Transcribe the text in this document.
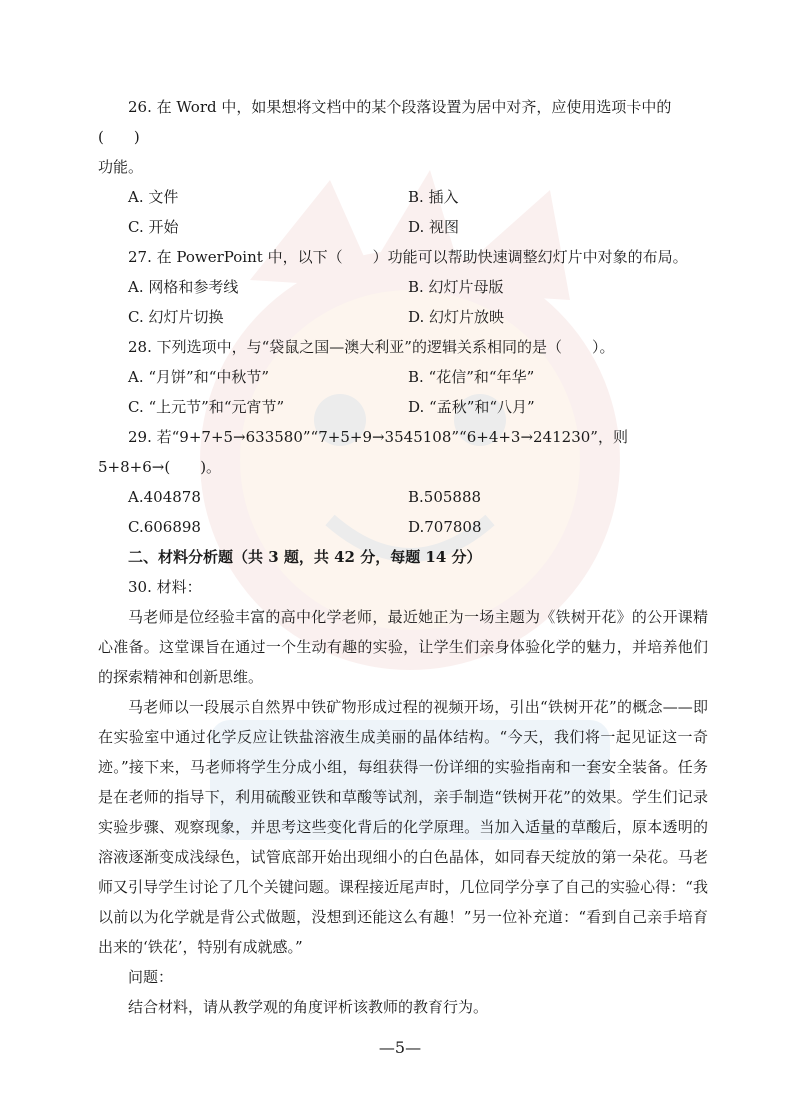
26. 在 Word 中，如果想将文档中的某个段落设置为居中对齐，应使用选项卡中的(　　)

功能。

A. 文件	B. 插入
C. 开始	D. 视图

27. 在 PowerPoint 中，以下（　　）功能可以帮助快速调整幻灯片中对象的布局。

A. 网格和参考线	B. 幻灯片母版
C. 幻灯片切换	D. 幻灯片放映

28. 下列选项中，与“袋鼠之国—澳大利亚”的逻辑关系相同的是（　　）。

A. “月饼”和“中秋节”	B. “花信”和“年华”
C. “上元节”和“元宵节”	D. “孟秋”和“八月”

29. 若“9+7+5→633580”“7+5+9→3545108”“6+4+3→241230”，则 5+8+6→(　　)。

A.404878	B.505888
C.606898	D.707808

二、材料分析题（共 3 题，共 42 分，每题 14 分）

30. 材料：

马老师是位经验丰富的高中化学老师，最近她正为一场主题为《铁树开花》的公开课精心准备。这堂课旨在通过一个生动有趣的实验，让学生们亲身体验化学的魅力，并培养他们的探索精神和创新思维。

马老师以一段展示自然界中铁矿物形成过程的视频开场，引出“铁树开花”的概念——即在实验室中通过化学反应让铁盐溶液生成美丽的晶体结构。“今天，我们将一起见证这一奇迹。”接下来，马老师将学生分成小组，每组获得一份详细的实验指南和一套安全装备。任务是在老师的指导下，利用硫酸亚铁和草酸等试剂，亲手制造“铁树开花”的效果。学生们记录实验步骤、观察现象，并思考这些变化背后的化学原理。当加入适量的草酸后，原本透明的溶液逐渐变成浅绿色，试管底部开始出现细小的白色晶体，如同春天绽放的第一朵花。马老师又引导学生讨论了几个关键问题。课程接近尾声时，几位同学分享了自己的实验心得：“我以前以为化学就是背公式做题，没想到还能这么有趣！”另一位补充道：“看到自己亲手培育出来的‘铁花’，特别有成就感。”

问题：

结合材料，请从教学观的角度评析该教师的教育行为。

—5—
